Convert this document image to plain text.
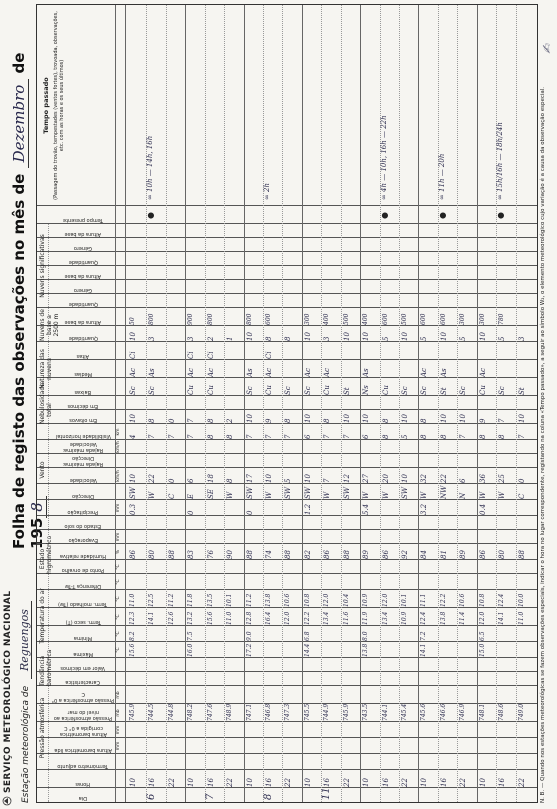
SERVIÇO METEOROLÓGICO NACIONAL Estação meteorológica de Reguengos
Folha de registo das observações no mês de Dezembro de 1958
Dia
Horas
Termómetro adjunto
Altura barométrica lida
Altura barométrica corrigida a 0° C
Pressão atmosférica ao nível do mar
Pressão atmosférica a 0° C
Característica
Valor em décimos
Máxima
Mínima
Term. seco (T)
Term. molhado (Tw)
Diferença T-Tw
Ponto de orvalho
Humidade relativa
Evaporação
Estado do solo
Precipitação
Direcção
Velocidade
Rajada máxima: Direcção
Rajada máxima: Velocidade
Visibilidade horizontal
Em oitavos
Em décimos
Baixas
Médias
Altas
Quantidade
Altura da base
Quantidade
Género
Altura da base
Quantidade
Género
Altura da base
Tempo presente
Tempo passado (Passagem do trovão, tempestades (ventos fortes), trovoada, observações, etc. com as horas e os seus últimos)
Pressão atmosférica
Tendência barométrica
Temperatura do ar
Estado higrométrico
Vento
Nebulosidade total
Natureza das nuvens
Nuvens de base a 2500 m
Nuvens significativas
mm
mm
mb
mb
°C
°C
°C
°C
°C
°C
%
mm
mm
km/h
km/h
km
6
10
745.9
12.3
11.0
86
SW
10
4
10
Sc
Ac
Ci
10
50
16
744.5
14.1
12.5
80
W
22
7
8
Sc
As
3
800
22
744.8
12.6
11.2
88
C
0
7
0
15.6
8.2
0.3
●
∞ 10h — 14h, 16h
7
10
748.2
13.2
11.8
83
E
6
7
7
Cu
Ac
Ci
3
900
16
747.6
15.6
13.5
76
SE
18
8
8
Cu
Ac
Ci
2
800
22
748.9
11.0
10.1
90
W
8
8
2
1
16.0
7.5
0
8
10
747.1
12.8
11.2
88
SW
17
7
10
Sc
As
10
800
16
746.8
16.4
13.8
74
W
10
7
9
Cu
Ac
Ci
8
600
22
747.3
12.0
10.6
88
SW
5
7
8
Sc
8
17.2
9.0
0
∞ 2h
11
10
745.5
12.2
10.8
82
SW
10
6
10
Sc
Ac
10
300
16
744.9
13.4
12.0
86
W
7
7
8
Cu
Ac
3
400
22
745.9
11.6
10.4
88
SW
12
7
10
St
10
500
14.4
6.8
1.2
10
743.5
11.9
10.9
89
W
27
6
10
Ns
As
10
400
16
744.1
13.4
12.0
86
W
20
8
8
Cu
5
600
22
745.4
10.9
10.1
92
SW
10
5
10
Sc
10
500
13.8
8.0
5.4
●
∞ 4h — 10h, 16h — 22h
10
745.6
12.4
11.1
84
W
32
8
8
Sc
Ac
5
600
16
746.6
13.8
12.2
81
NW
22
8
10
St
As
10
600
22
746.9
11.4
10.6
89
N
6
7
10
Sc
5
300
14.1
7.2
3.2
●
∞ 11h — 20h
10
748.1
12.0
10.8
86
W
36
8
9
Cu
Ac
10
300
16
748.6
14.1
12.4
80
W
25
8
7
Sc
5
780
22
749.0
11.0
10.0
88
C
0
7
10
St
3
15.0
6.5
0.4
●
∞ 15h/16h — 18h/24h	N. B. — Quando nos estações meteorológicas se fazem observações especiais, indicar o hora no lugar correspondente, registando na coluna «Tempo passado», a seguir ao símbolo W₂, o elemento meteorológico cujo variação é a causa da observação especial.
✍︎
